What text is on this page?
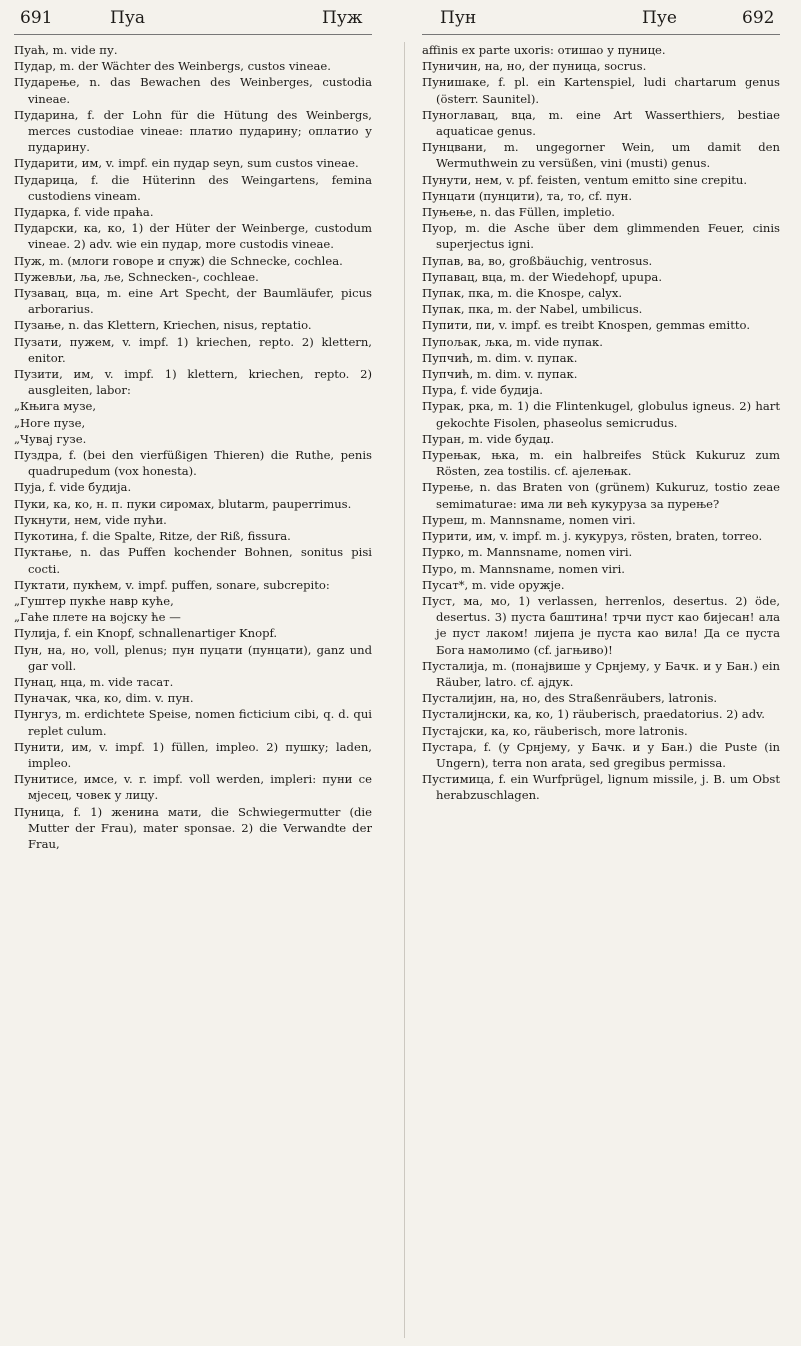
691	Пуа	Пуж	Пун	Пуе	692
Пуаћ, m. vide пу.
Пудар, m. der Wächter des Weinbergs, custos vineae.
Пударење, n. das Bewachen des Weinberges, custodia vineae.
Пударина, f. der Lohn für die Hütung des Weinbergs, merces custodiae vineae: платио пударину; оплатио у пударину.
Пударити, им, v. impf. ein пудар seyn, sum custos vineae.
Пударица, f. die Hüterinn des Weingartens, femina custodiens vineam.
Пударка, f. vide праћа.
Пударски, ка, ко, 1) der Hüter der Weinberge, custodum vineae. 2) adv. wie ein пудар, more custodis vineae.
Пуж, m. (млоги говоре и спуж) die Schnecke, cochlea.
Пужевљи, ља, ље, Schnecken-, cochleae.
Пузавац, вца, m. eine Art Specht, der Baumläufer, picus arborarius.
Пузање, n. das Klettern, Kriechen, nisus, reptatio.
Пузати, пужем, v. impf. 1) kriechen, repto. 2) klettern, enitor.
Пузити, им, v. impf. 1) klettern, kriechen, repto. 2) ausgleiten, labor:
„Књига музе,
„Ноге пузе,
„Чувај гузе.
Пуздра, f. (bei den vierfüßigen Thieren) die Ruthe, penis quadrupedum (vox honesta).
Пуја, f. vide будија.
Пуки, ка, ко, н. п. пуки сиромах, blutarm, pauperrimus.
Пукнути, нем, vide пући.
Пукотина, f. die Spalte, Ritze, der Riß, fissura.
Пуктање, n. das Puffen kochender Bohnen, sonitus pisi cocti.
Пуктати, пукћем, v. impf. puffen, sonare, subcrepito:
„Гуштер пукће навр куће,
„Гаће плете на војску ће —
Пулија, f. ein Knopf, schnallenartiger Knopf.
Пун, на, но, voll, plenus; пун пуцати (пунцати), ganz und gar voll.
Пунац, нца, m. vide тасат.
Пуначак, чка, ко, dim. v. пун.
Пунгуз, m. erdichtete Speise, nomen ficticium cibi, q. d. qui replet culum.
Пунити, им, v. impf. 1) füllen, impleo. 2) пушку; laden, impleo.
Пунитисе, имсе, v. r. impf. voll werden, impleri: пуни се мјесец, човек у лицу.
Пуница, f. 1) женина мати, die Schwiegermutter (die Mutter der Frau), mater sponsae. 2) die Verwandte der Frau,
affinis ex parte uxoris: отишао у пунице.
Пуничин, на, но, der пуница, socrus.
Пунишаке, f. pl. ein Kartenspiel, ludi chartarum genus (österr. Saunitel).
Пуноглавац, вца, m. eine Art Wasserthiers, bestiae aquaticae genus.
Пунцвани, m. ungegorner Wein, um damit den Wermuthwein zu versüßen, vini (musti) genus.
Пунути, нем, v. pf. feisten, ventum emitto sine crepitu.
Пунцати (пунцити), та, то, cf. пун.
Пуњење, n. das Füllen, impletio.
Пуор, m. die Asche über dem glimmenden Feuer, cinis superjectus igni.
Пупав, ва, во, großbäuchig, ventrosus.
Пупавац, вца, m. der Wiedehopf, upupa.
Пупак, пка, m. die Knospe, calyx.
Пупак, пка, m. der Nabel, umbilicus.
Пупити, пи, v. impf. es treibt Knospen, gemmas emitto.
Пупољак, љка, m. vide пупак.
Пупчић, m. dim. v. пупак.
Пупчић, m. dim. v. пупак.
Пура, f. vide будија.
Пурак, рка, m. 1) die Flintenkugel, globulus igneus. 2) hart gekochte Fisolen, phaseolus semicrudus.
Пуран, m. vide будаџ.
Пурењак, њка, m. ein halbreifes Stück Kukuruz zum Rösten, zea tostilis. cf. ајелењак.
Пурење, n. das Braten von (grünem) Kukuruz, tostio zeae semimaturae: има ли већ кукуруза за пурење?
Пуреш, m. Mannsname, nomen viri.
Пурити, им, v. impf. m. ј. кукуруз, rösten, braten, torreo.
Пурко, m. Mannsname, nomen viri.
Пуро, m. Mannsname, nomen viri.
Пусат*, m. vide оружје.
Пуст, ма, мо, 1) verlassen, herrenlos, desertus. 2) öde, desertus. 3) пуста баштина! трчи пуст као бијесан! ала је пуст лаком! лијепа је пуста као вила! Да се пуста Бога намолимо (cf. јагњиво)!
Пусталија, m. (понајвише у Срнјему, у Бачк. и у Бан.) ein Räuber, latro. cf. ајдук.
Пусталијин, на, но, des Straßenräubers, latronis.
Пусталијнски, ка, ко, 1) räuberisch, praedatorius. 2) adv.
Пустајски, ка, ко, räuberisch, more latronis.
Пустара, f. (у Срнјему, у Бачк. и у Бан.) die Puste (in Ungern), terra non arata, sed gregibus permissa.
Пустимица, f. ein Wurfprügel, lignum missile, ј. В. um Obst herabzuschlagen.
